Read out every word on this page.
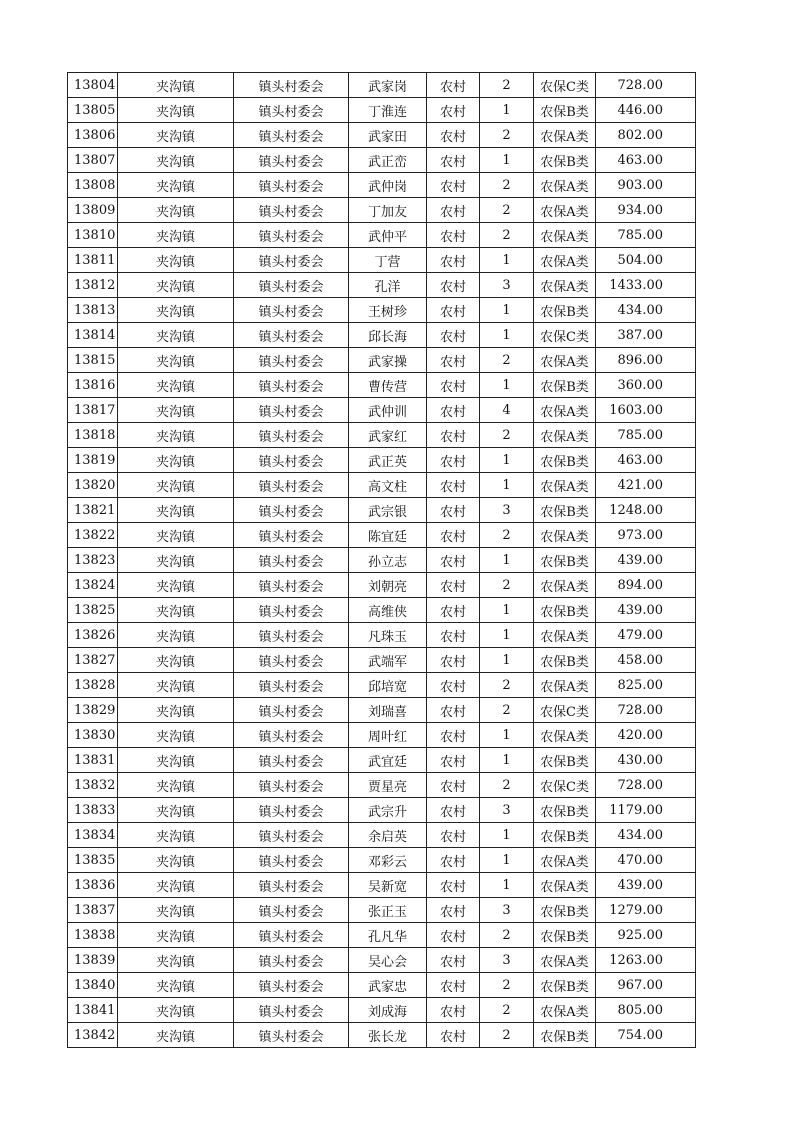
13804	夹沟镇	镇头村委会	武家岗	农村	2	农保C类	728.00
13805	夹沟镇	镇头村委会	丁淮连	农村	1	农保B类	446.00
13806	夹沟镇	镇头村委会	武家田	农村	2	农保A类	802.00
13807	夹沟镇	镇头村委会	武正峦	农村	1	农保B类	463.00
13808	夹沟镇	镇头村委会	武仲岗	农村	2	农保A类	903.00
13809	夹沟镇	镇头村委会	丁加友	农村	2	农保A类	934.00
13810	夹沟镇	镇头村委会	武仲平	农村	2	农保A类	785.00
13811	夹沟镇	镇头村委会	丁营	农村	1	农保A类	504.00
13812	夹沟镇	镇头村委会	孔洋	农村	3	农保A类	1433.00
13813	夹沟镇	镇头村委会	王树珍	农村	1	农保B类	434.00
13814	夹沟镇	镇头村委会	邱长海	农村	1	农保C类	387.00
13815	夹沟镇	镇头村委会	武家操	农村	2	农保A类	896.00
13816	夹沟镇	镇头村委会	曹传营	农村	1	农保B类	360.00
13817	夹沟镇	镇头村委会	武仲训	农村	4	农保A类	1603.00
13818	夹沟镇	镇头村委会	武家红	农村	2	农保A类	785.00
13819	夹沟镇	镇头村委会	武正英	农村	1	农保B类	463.00
13820	夹沟镇	镇头村委会	高文柱	农村	1	农保A类	421.00
13821	夹沟镇	镇头村委会	武宗银	农村	3	农保B类	1248.00
13822	夹沟镇	镇头村委会	陈宜廷	农村	2	农保A类	973.00
13823	夹沟镇	镇头村委会	孙立志	农村	1	农保B类	439.00
13824	夹沟镇	镇头村委会	刘朝亮	农村	2	农保A类	894.00
13825	夹沟镇	镇头村委会	高维侠	农村	1	农保B类	439.00
13826	夹沟镇	镇头村委会	凡珠玉	农村	1	农保A类	479.00
13827	夹沟镇	镇头村委会	武端军	农村	1	农保B类	458.00
13828	夹沟镇	镇头村委会	邱培宽	农村	2	农保A类	825.00
13829	夹沟镇	镇头村委会	刘瑞喜	农村	2	农保C类	728.00
13830	夹沟镇	镇头村委会	周叶红	农村	1	农保A类	420.00
13831	夹沟镇	镇头村委会	武宜廷	农村	1	农保B类	430.00
13832	夹沟镇	镇头村委会	贾星亮	农村	2	农保C类	728.00
13833	夹沟镇	镇头村委会	武宗升	农村	3	农保B类	1179.00
13834	夹沟镇	镇头村委会	余启英	农村	1	农保B类	434.00
13835	夹沟镇	镇头村委会	邓彩云	农村	1	农保A类	470.00
13836	夹沟镇	镇头村委会	吴新宽	农村	1	农保A类	439.00
13837	夹沟镇	镇头村委会	张正玉	农村	3	农保B类	1279.00
13838	夹沟镇	镇头村委会	孔凡华	农村	2	农保B类	925.00
13839	夹沟镇	镇头村委会	吴心会	农村	3	农保A类	1263.00
13840	夹沟镇	镇头村委会	武家忠	农村	2	农保B类	967.00
13841	夹沟镇	镇头村委会	刘成海	农村	2	农保A类	805.00
13842	夹沟镇	镇头村委会	张长龙	农村	2	农保B类	754.00
